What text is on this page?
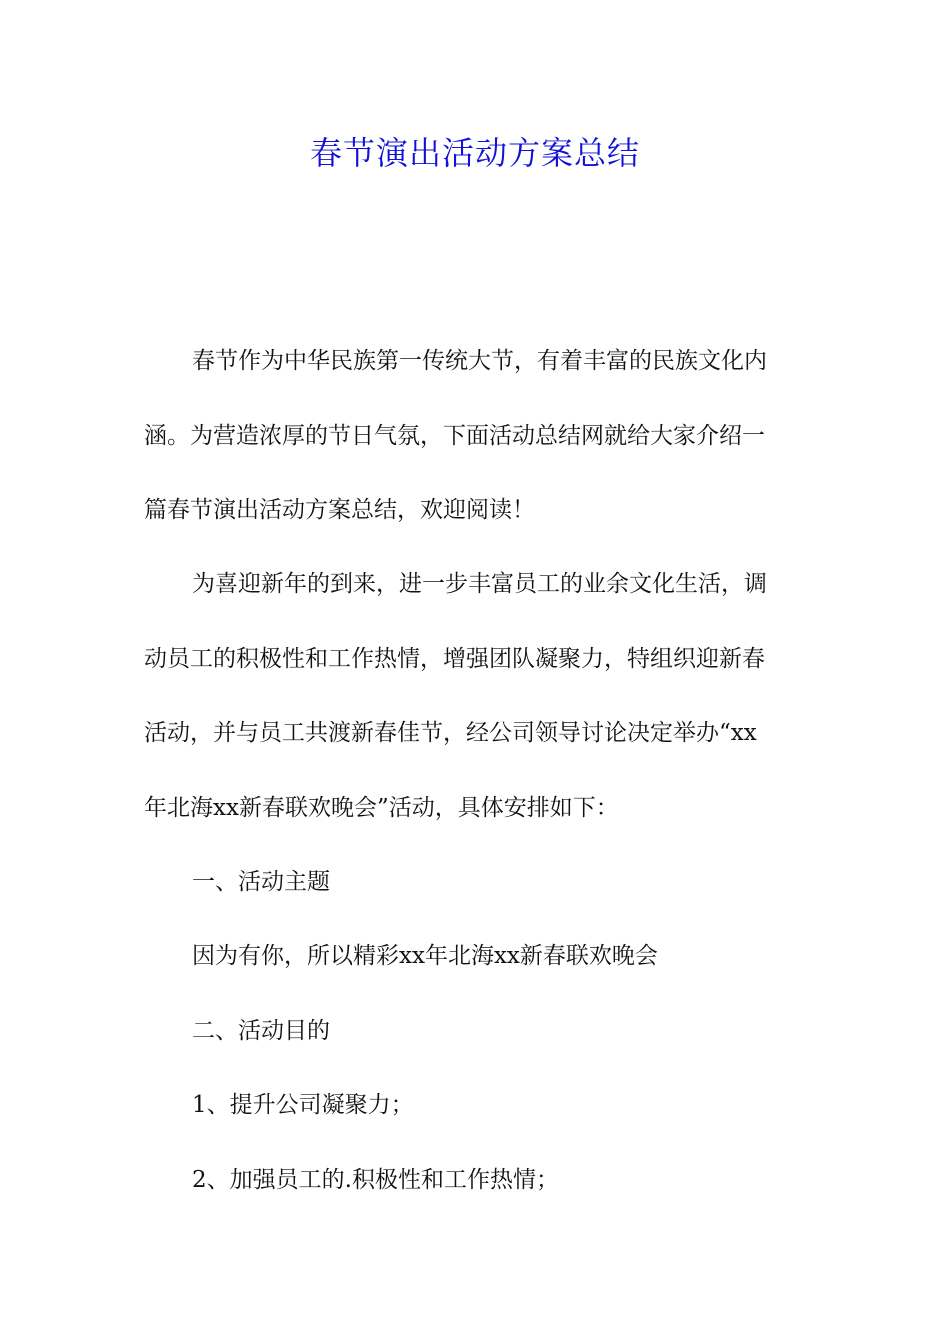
春节演出活动方案总结
春节作为中华民族第一传统大节，有着丰富的民族文化内
涵。为营造浓厚的节日气氛，下面活动总结网就给大家介绍一
篇春节演出活动方案总结，欢迎阅读！
为喜迎新年的到来，进一步丰富员工的业余文化生活，调
动员工的积极性和工作热情，增强团队凝聚力，特组织迎新春
活动，并与员工共渡新春佳节，经公司领导讨论决定举办“xx
年北海xx新春联欢晚会”活动，具体安排如下：
一、活动主题
因为有你，所以精彩xx年北海xx新春联欢晚会
二、活动目的
1、提升公司凝聚力；
2、加强员工的.积极性和工作热情；
